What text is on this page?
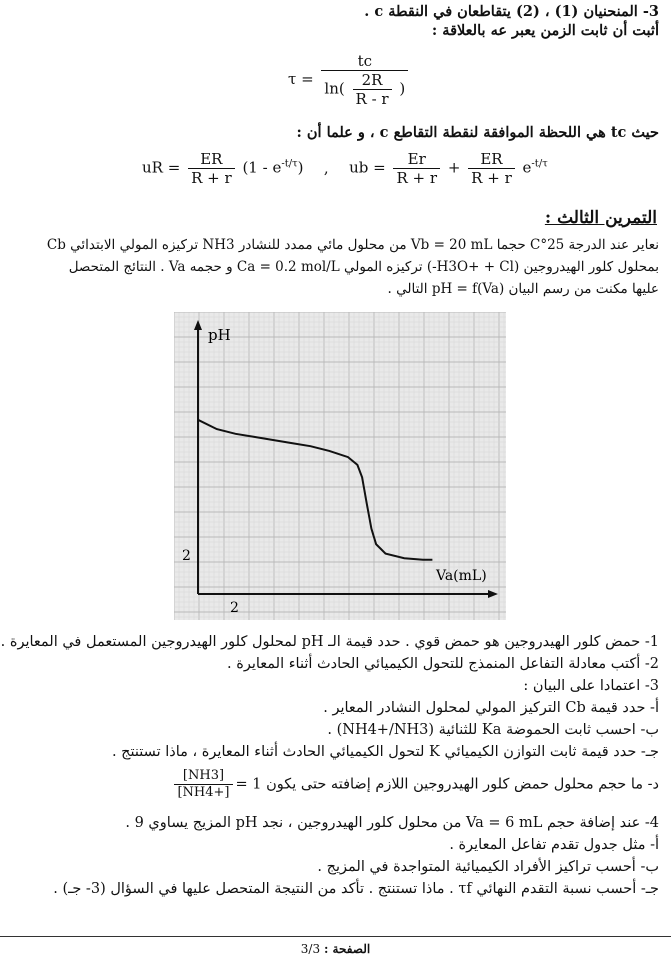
3- المنحنيان (1) ، (2) يتقاطعان في النقطة c .
أثبت أن ثابت الزمن يعبر عه بالعلاقة :
$\tau = \frac{tc}{\ln( \frac{2R}{R - r} )}$
حيث tc هي اللحظة الموافقة لنقطة التقاطع c ، و علما أن :
uR = $\frac{ER}{R + r} (1 - e^{-t/\tau})$ , ub = $\frac{Er}{R + r} + \frac{ER}{R + r} e^{-t/\tau}$
التمرين الثالث :
نعاير عند الدرجة 25°C حجما Vb = 20 mL من محلول مائي ممدد للنشادر NH3 تركيزه المولي الابتدائي Cb
بمحلول كلور الهيدروجين (H3O+ + Cl-) تركيزه المولي Ca = 0.2 mol/L و حجمه Va . النتائج المتحصل
عليها مكنت من رسم البيان pH = f(Va) التالي .
pH
Va(mL)
2
2
1- حمض كلور الهيدروجين هو حمض قوي . حدد قيمة الـ pH لمحلول كلور الهيدروجين المستعمل في المعايرة .
2- أكتب معادلة التفاعل المنمذج للتحول الكيميائي الحادث أثناء المعايرة .
3- اعتمادا على البيان :
أ- حدد قيمة Cb التركيز المولي لمحلول النشادر المعاير .
ب- احسب ثابت الحموضة Ka للثنائية (NH4+/NH3) .
جـ- حدد قيمة ثابت التوازن الكيميائي K لتحول الكيميائي الحادث أثناء المعايرة ، ماذا تستنتج .
د- ما حجم محلول حمض كلور الهيدروجين اللازم إضافته حتى يكون
$\frac{[NH3]}{[NH4+]} = 1$
4- عند إضافة حجم Va = 6 mL من محلول كلور الهيدروجين ، نجد pH المزيج يساوي 9 .
أ- مثل جدول تقدم تفاعل المعايرة .
ب- أحسب تراكيز الأفراد الكيميائية المتواجدة في المزيج .
جـ- أحسب نسبة التقدم النهائي τf . ماذا تستنتج . تأكد من النتيجة المتحصل عليها في السؤال (3- جـ) .
الصفحة : 3/3
